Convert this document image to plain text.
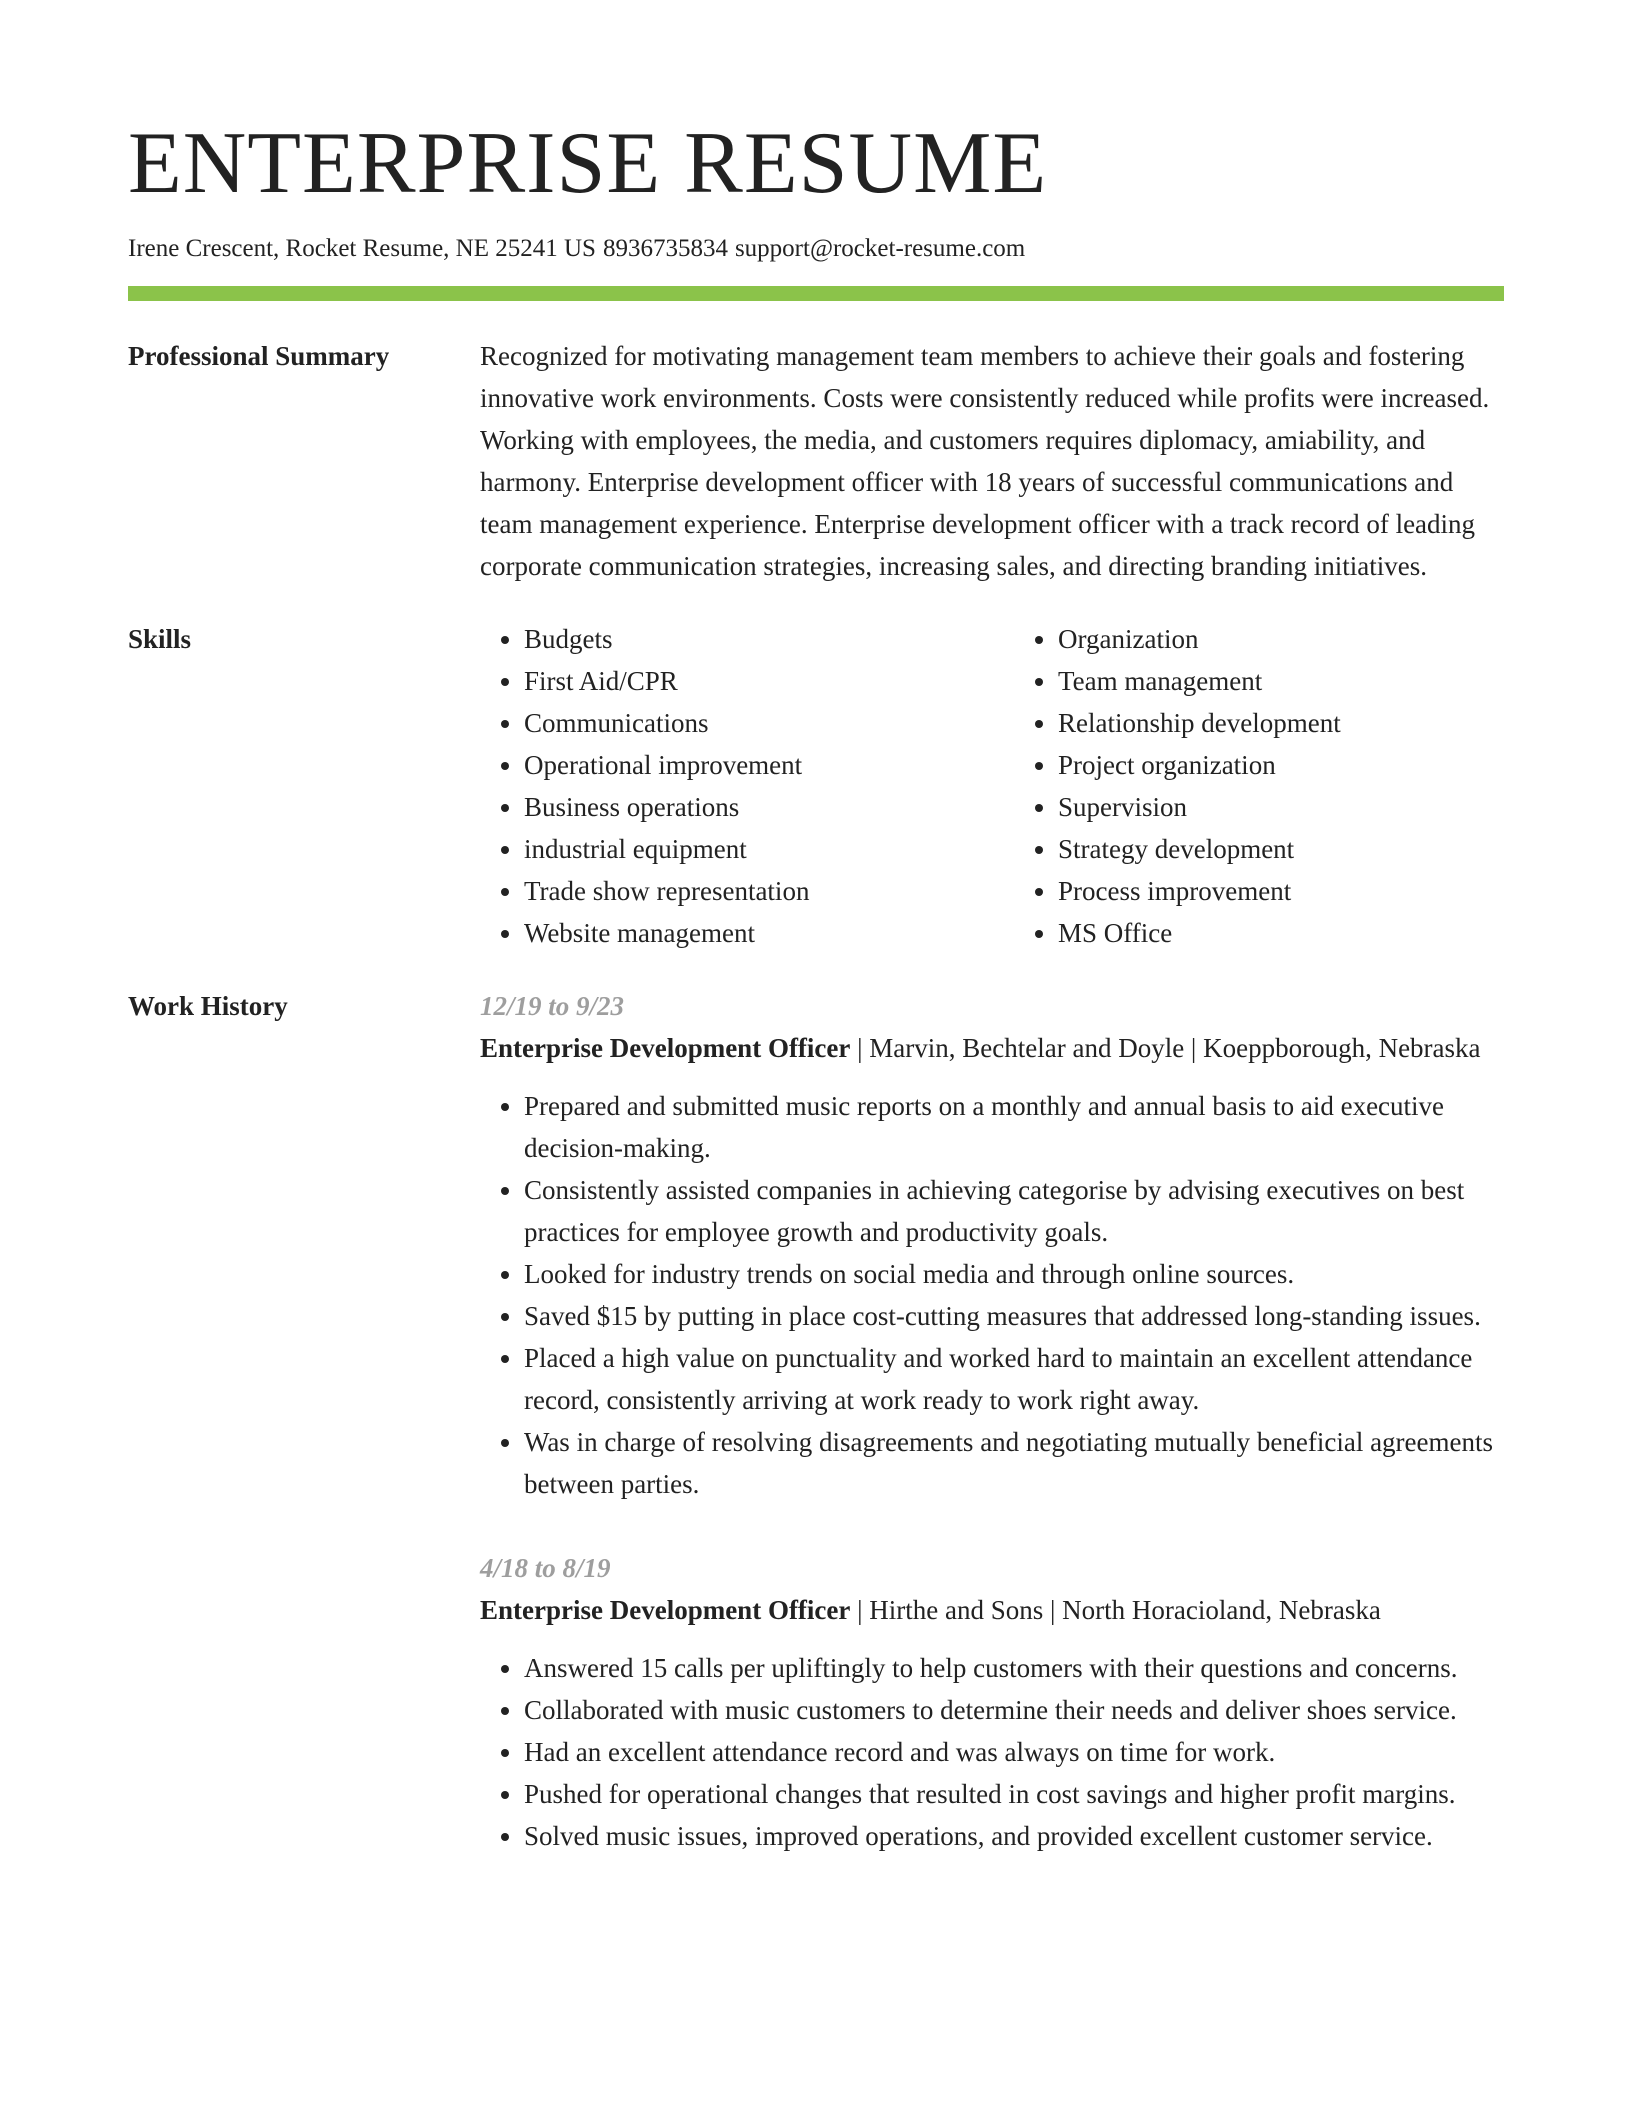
ENTERPRISE RESUME
Irene Crescent, Rocket Resume, NE 25241 US 8936735834 support@rocket-resume.com
Professional Summary	Recognized for motivating management team members to achieve their goals and fostering innovative work environments. Costs were consistently reduced while profits were increased. Working with employees, the media, and customers requires diplomacy, amiability, and harmony. Enterprise development officer with 18 years of successful communications and team management experience. Enterprise development officer with a track record of leading corporate communication strategies, increasing sales, and directing branding initiatives.

Skills
•	Budgets
• First Aid/CPR
• Communications
• Operational improvement
• Business operations
• industrial equipment
• Trade show representation
• Website management
• Organization
• Team management
• Relationship development
• Project organization
• Supervision
• Strategy development
• Process improvement
• MS Office
Work History	12/19 to 9/23
Enterprise Development Officer | Marvin, Bechtelar and Doyle | Koeppborough, Nebraska
• Prepared and submitted music reports on a monthly and annual basis to aid executive decision-making.
• Consistently assisted companies in achieving categorise by advising executives on best practices for employee growth and productivity goals.
• Looked for industry trends on social media and through online sources.
• Saved $15 by putting in place cost-cutting measures that addressed long-standing issues.
• Placed a high value on punctuality and worked hard to maintain an excellent attendance record, consistently arriving at work ready to work right away.
• Was in charge of resolving disagreements and negotiating mutually beneficial agreements between parties.
4/18 to 8/19
Enterprise Development Officer | Hirthe and Sons | North Horacioland, Nebraska
• Answered 15 calls per upliftingly to help customers with their questions and concerns.
• Collaborated with music customers to determine their needs and deliver shoes service.
• Had an excellent attendance record and was always on time for work.
• Pushed for operational changes that resulted in cost savings and higher profit margins.
• Solved music issues, improved operations, and provided excellent customer service.
